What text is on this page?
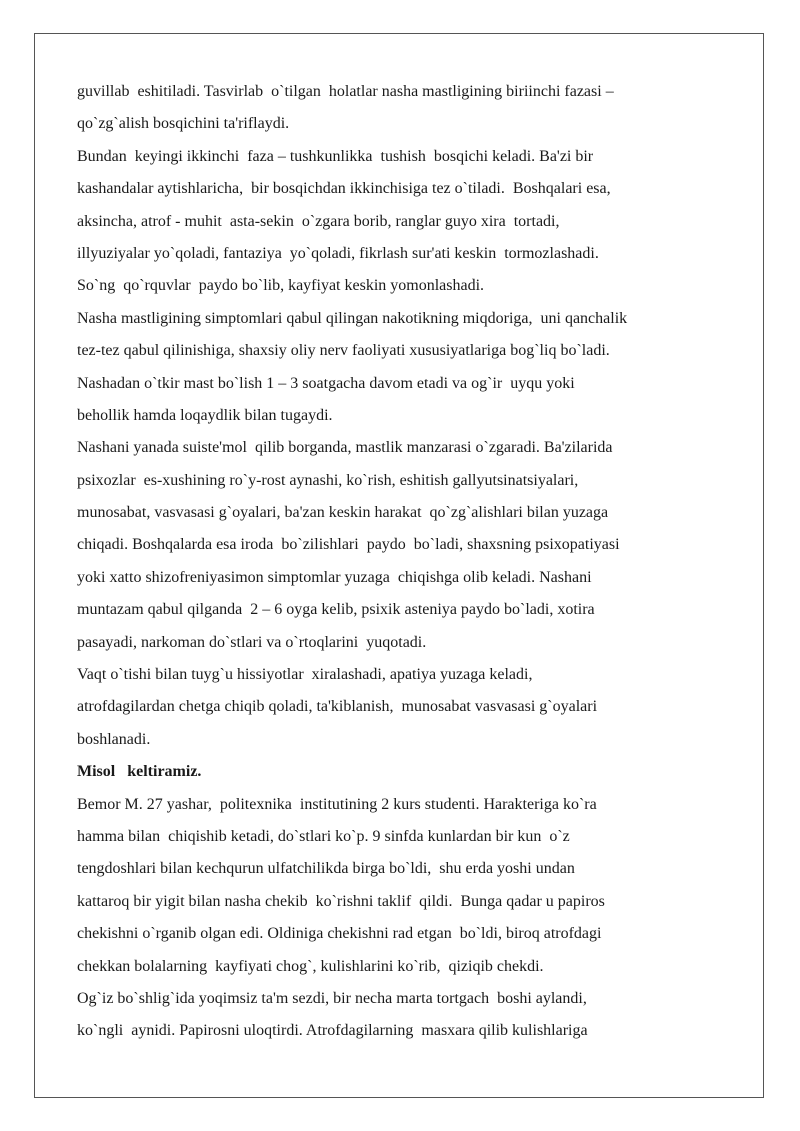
guvillab  eshitiladi. Tasvirlab  o`tilgan  holatlar nasha mastligining biriinchi fazasi –
qo`zg`alish bosqichini ta'riflaydi.
Bundan  keyingi ikkinchi  faza – tushkunlikka  tushish  bosqichi keladi. Ba'zi bir
kashandalar aytishlaricha,  bir bosqichdan ikkinchisiga tez o`tiladi.  Boshqalari esa,
aksincha, atrof - muhit  asta-sekin  o`zgara borib, ranglar guyo xira  tortadi,
illyuziyalar yo`qoladi, fantaziya  yo`qoladi, fikrlash sur'ati keskin  tormozlashadi.
So`ng  qo`rquvlar  paydo bo`lib, kayfiyat keskin yomonlashadi.
Nasha mastligining simptomlari qabul qilingan nakotikning miqdoriga,  uni qanchalik
tez-tez qabul qilinishiga, shaxsiy oliy nerv faoliyati xususiyatlariga bog`liq bo`ladi.
Nashadan o`tkir mast bo`lish 1 – 3 soatgacha davom etadi va og`ir  uyqu yoki
behollik hamda loqaydlik bilan tugaydi.
Nashani yanada suiste'mol  qilib borganda, mastlik manzarasi o`zgaradi. Ba'zilarida
psixozlar  es-xushining ro`y-rost aynashi, ko`rish, eshitish gallyutsinatsiyalari,
munosabat, vasvasasi g`oyalari, ba'zan keskin harakat  qo`zg`alishlari bilan yuzaga
chiqadi. Boshqalarda esa iroda  bo`zilishlari  paydo  bo`ladi, shaxsning psixopatiyasi
yoki xatto shizofreniyasimon simptomlar yuzaga  chiqishga olib keladi. Nashani
muntazam qabul qilganda  2 – 6 oyga kelib, psixik asteniya paydo bo`ladi, xotira
pasayadi, narkoman do`stlari va o`rtoqlarini  yuqotadi.
Vaqt o`tishi bilan tuyg`u hissiyotlar  xiralashadi, apatiya yuzaga keladi,
atrofdagilardan chetga chiqib qoladi, ta'kiblanish,  munosabat vasvasasi g`oyalari
boshlanadi.
Misol   keltiramiz.
Bemor M. 27 yashar,  politexnika  institutining 2 kurs studenti. Harakteriga ko`ra
hamma bilan  chiqishib ketadi, do`stlari ko`p. 9 sinfda kunlardan bir kun  o`z
tengdoshlari bilan kechqurun ulfatchilikda birga bo`ldi,  shu erda yoshi undan
kattaroq bir yigit bilan nasha chekib  ko`rishni taklif  qildi.  Bunga qadar u papiros
chekishni o`rganib olgan edi. Oldiniga chekishni rad etgan  bo`ldi, biroq atrofdagi
chekkan bolalarning  kayfiyati chog`, kulishlarini ko`rib,  qiziqib chekdi.
Og`iz bo`shlig`ida yoqimsiz ta'm sezdi, bir necha marta tortgach  boshi aylandi,
ko`ngli  aynidi. Papirosni uloqtirdi. Atrofdagilarning  masxara qilib kulishlariga
